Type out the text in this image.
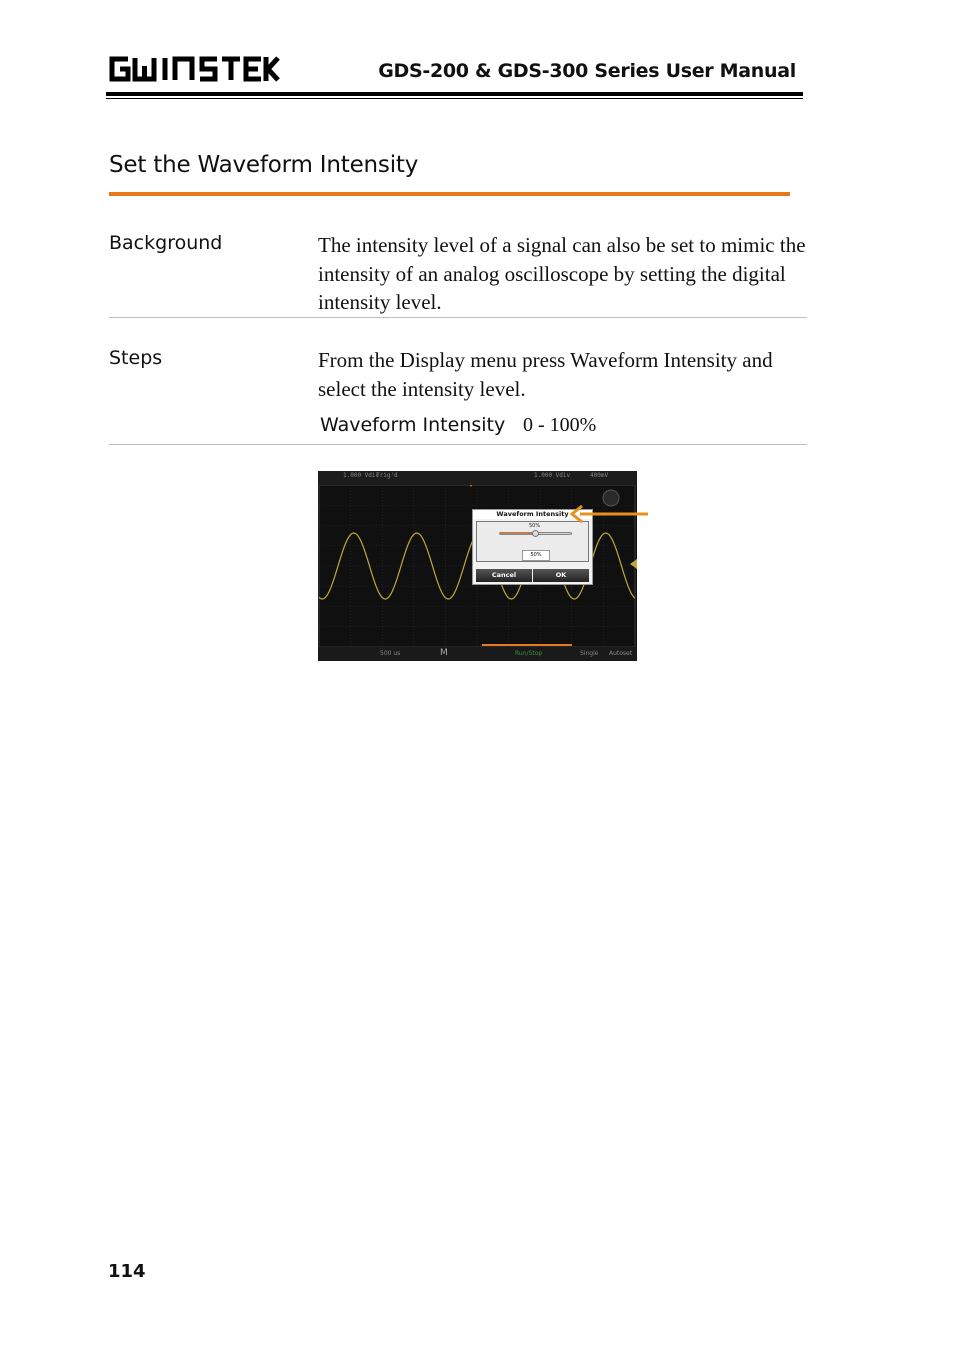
GDS-200 & GDS-300 Series User Manual
Set the Waveform Intensity
Background	The intensity level of a signal can also be set to mimic the intensity of an analog oscilloscope by setting the digital intensity level.
Steps	From the Display menu press Waveform Intensity and select the intensity level.
Waveform Intensity 0 - 100%
1.000 Vdiv
Trig'd	1.000 Vdiv	400mV
Waveform Intensity
50%
50%
Cancel	OK
500 us	M	Run/Stop	Single Autoset
114
